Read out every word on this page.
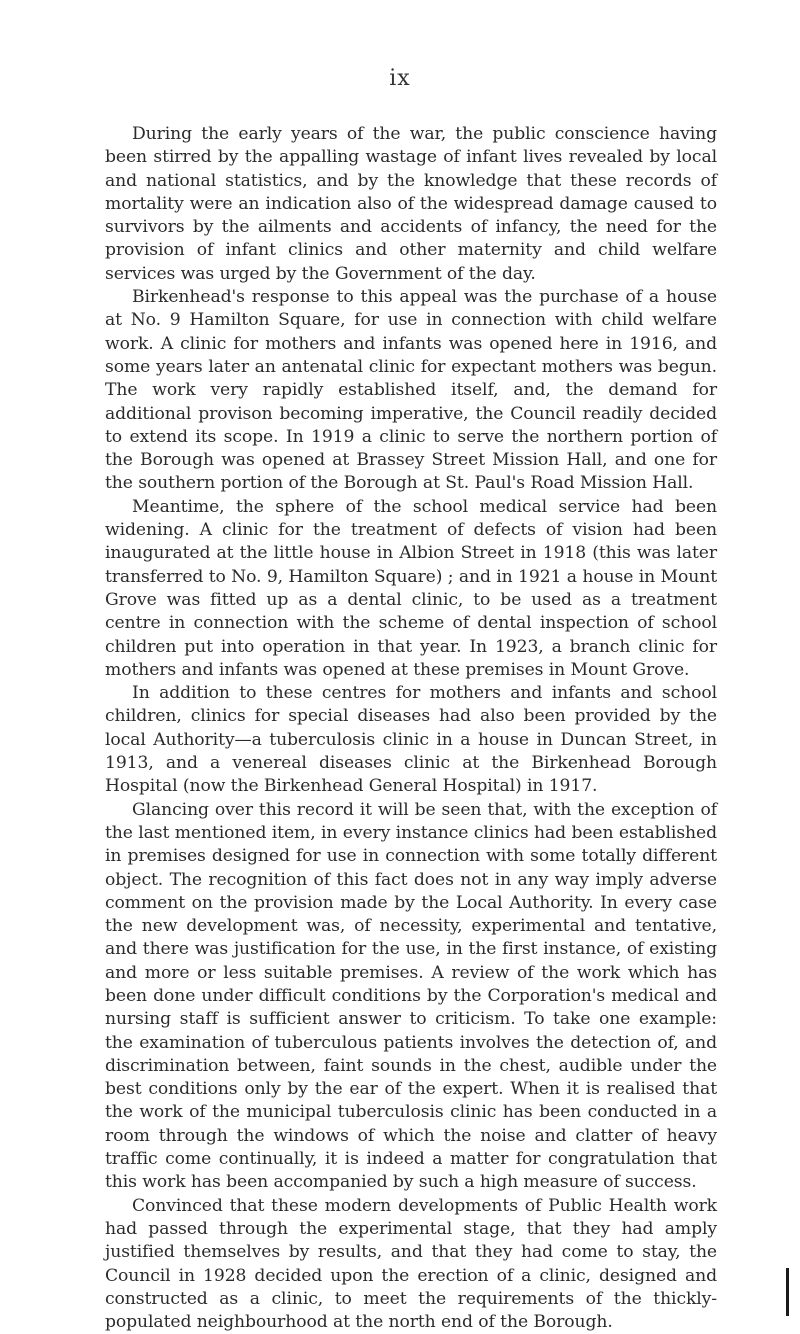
ix

During the early years of the war, the public conscience having been stirred by the appalling wastage of infant lives revealed by local and national statistics, and by the knowledge that these records of mortality were an indication also of the widespread damage caused to survivors by the ailments and accidents of infancy, the need for the provision of infant clinics and other maternity and child welfare services was urged by the Government of the day.

Birkenhead's response to this appeal was the purchase of a house at No. 9 Hamilton Square, for use in connection with child welfare work. A clinic for mothers and infants was opened here in 1916, and some years later an antenatal clinic for expectant mothers was begun. The work very rapidly established itself, and, the demand for additional provison becoming imperative, the Council readily decided to extend its scope. In 1919 a clinic to serve the northern portion of the Borough was opened at Brassey Street Mission Hall, and one for the southern portion of the Borough at St. Paul's Road Mission Hall.

Meantime, the sphere of the school medical service had been widening. A clinic for the treatment of defects of vision had been inaugurated at the little house in Albion Street in 1918 (this was later transferred to No. 9, Hamilton Square) ; and in 1921 a house in Mount Grove was fitted up as a dental clinic, to be used as a treatment centre in connection with the scheme of dental inspection of school children put into operation in that year. In 1923, a branch clinic for mothers and infants was opened at these premises in Mount Grove.

In addition to these centres for mothers and infants and school children, clinics for special diseases had also been provided by the local Authority—a tuberculosis clinic in a house in Duncan Street, in 1913, and a venereal diseases clinic at the Birkenhead Borough Hospital (now the Birkenhead General Hospital) in 1917.

Glancing over this record it will be seen that, with the exception of the last mentioned item, in every instance clinics had been established in premises designed for use in connection with some totally different object. The recognition of this fact does not in any way imply adverse comment on the provision made by the Local Authority. In every case the new development was, of necessity, experimental and tentative, and there was justification for the use, in the first instance, of existing and more or less suitable premises. A review of the work which has been done under difficult conditions by the Corporation's medical and nursing staff is sufficient answer to criticism. To take one example: the examination of tuberculous patients involves the detection of, and discrimination between, faint sounds in the chest, audible under the best conditions only by the ear of the expert. When it is realised that the work of the municipal tuberculosis clinic has been conducted in a room through the windows of which the noise and clatter of heavy traffic come continually, it is indeed a matter for congratulation that this work has been accompanied by such a high measure of success.

Convinced that these modern developments of Public Health work had passed through the experimental stage, that they had amply justified themselves by results, and that they had come to stay, the Council in 1928 decided upon the erection of a clinic, designed and constructed as a clinic, to meet the requirements of the thickly-populated neighbourhood at the north end of the Borough.
